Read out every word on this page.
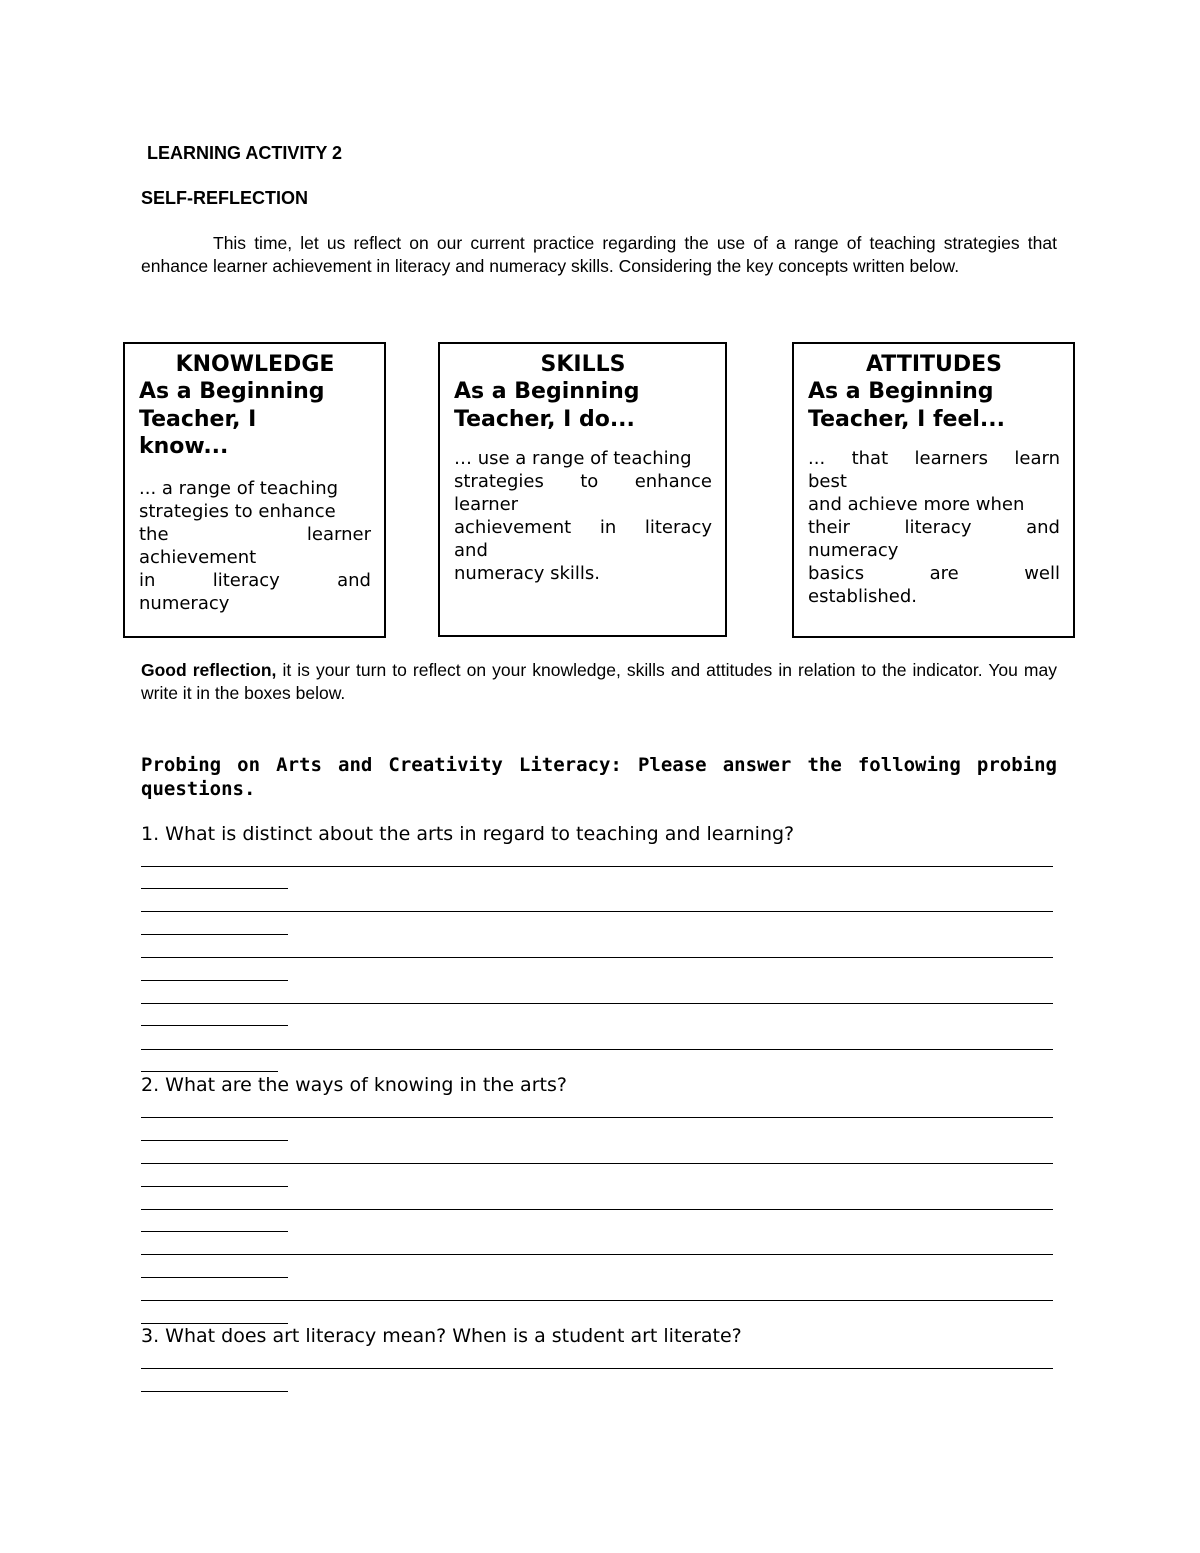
LEARNING ACTIVITY 2
SELF-REFLECTION
This time, let us reflect on our current practice regarding the use of a range of teaching strategies that enhance learner achievement in literacy and numeracy skills. Considering the key concepts written below.
KNOWLEDGE
As a Beginning
Teacher, I
know...
... a range of teaching
strategies to enhance
the learner
achievement
in literacy and
numeracy
SKILLS
As a Beginning
Teacher, I do...
… use a range of teaching
strategies to enhance
learner
achievement in literacy
and
numeracy skills.
ATTITUDES
As a Beginning
Teacher, I feel...
... that learners learn
best
and achieve more when
their literacy and
numeracy
basics are well
established.
Good reflection, it is your turn to reflect on your knowledge, skills and attitudes in relation to the indicator. You may write it in the boxes below.
Probing on Arts and Creativity Literacy: Please answer the following probing
questions.
1. What is distinct about the arts in regard to teaching and learning?
2. What are the ways of knowing in the arts?
3. What does art literacy mean? When is a student art literate?
